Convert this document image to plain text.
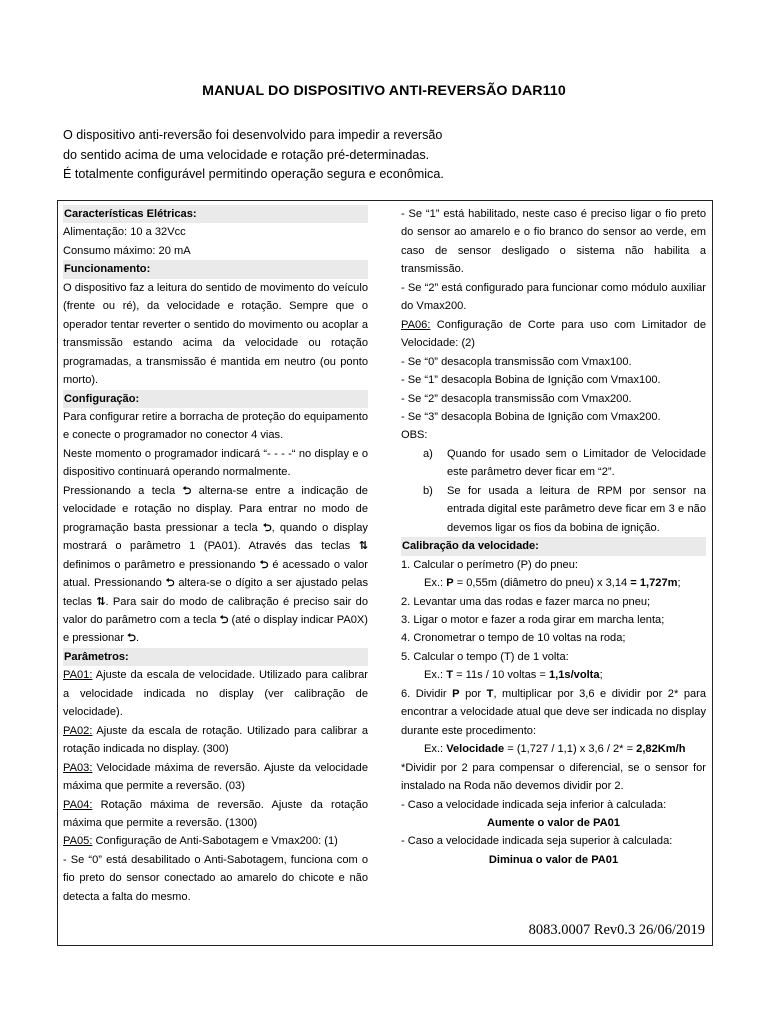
MANUAL DO DISPOSITIVO ANTI-REVERSÃO DAR110
O dispositivo anti-reversão foi desenvolvido para impedir a reversão
do sentido acima de uma velocidade e rotação pré-determinadas.
É totalmente configurável permitindo operação segura e econômica.
Características Elétricas:
Alimentação: 10 a 32Vcc
Consumo máximo: 20 mA
Funcionamento:
O dispositivo faz a leitura do sentido de movimento do veículo (frente ou ré), da velocidade e rotação. Sempre que o operador tentar reverter o sentido do movimento ou acoplar a transmissão estando acima da velocidade ou rotação programadas, a transmissão é mantida em neutro (ou ponto morto).
Configuração:
Para configurar retire a borracha de proteção do equipamento e conecte o programador no conector 4 vias.
Neste momento o programador indicará “- - - -“ no display e o dispositivo continuará operando normalmente.
Pressionando a tecla ⮌ alterna-se entre a indicação de velocidade e rotação no display. Para entrar no modo de programação basta pressionar a tecla ⮌, quando o display mostrará o parâmetro 1 (PA01). Através das teclas ⇅ definimos o parâmetro e pressionando ⮌ é acessado o valor atual. Pressionando ⮌ altera-se o dígito a ser ajustado pelas teclas ⇅. Para sair do modo de calibração é preciso sair do valor do parâmetro com a tecla ⮌ (até o display indicar PA0X) e pressionar ⮌.
Parâmetros:
PA01: Ajuste da escala de velocidade. Utilizado para calibrar a velocidade indicada no display (ver calibração de velocidade).
PA02: Ajuste da escala de rotação. Utilizado para calibrar a rotação indicada no display. (300)
PA03: Velocidade máxima de reversão. Ajuste da velocidade máxima que permite a reversão. (03)
PA04: Rotação máxima de reversão. Ajuste da rotação máxima que permite a reversão. (1300)
PA05: Configuração de Anti-Sabotagem e Vmax200: (1)
- Se “0” está desabilitado o Anti-Sabotagem, funciona com o fio preto do sensor conectado ao amarelo do chicote e não detecta a falta do mesmo.
- Se “1” está habilitado, neste caso é preciso ligar o fio preto do sensor ao amarelo e o fio branco do sensor ao verde, em caso de sensor desligado o sistema não habilita a transmissão.
- Se “2” está configurado para funcionar como módulo auxiliar do Vmax200.
PA06: Configuração de Corte para uso com Limitador de Velocidade: (2)
- Se “0” desacopla transmissão com Vmax100.
- Se “1” desacopla Bobina de Ignição com Vmax100.
- Se “2” desacopla transmissão com Vmax200.
- Se “3” desacopla Bobina de Ignição com Vmax200.
OBS:
a)	Quando for usado sem o Limitador de Velocidade este parâmetro dever ficar em “2”.
b)	Se for usada a leitura de RPM por sensor na entrada digital este parâmetro deve ficar em 3 e não devemos ligar os fios da bobina de ignição.
Calibração da velocidade:
1. Calcular o perímetro (P) do pneu:
Ex.: P = 0,55m (diâmetro do pneu) x 3,14 = 1,727m;
2. Levantar uma das rodas e fazer marca no pneu;
3. Ligar o motor e fazer a roda girar em marcha lenta;
4. Cronometrar o tempo de 10 voltas na roda;
5. Calcular o tempo (T) de 1 volta:
Ex.: T = 11s / 10 voltas = 1,1s/volta;
6. Dividir P por T, multiplicar por 3,6 e dividir por 2* para encontrar a velocidade atual que deve ser indicada no display durante este procedimento:
Ex.: Velocidade = (1,727 / 1,1) x 3,6 / 2* = 2,82Km/h
*Dividir por 2 para compensar o diferencial, se o sensor for instalado na Roda não devemos dividir por 2.
- Caso a velocidade indicada seja inferior à calculada:
Aumente o valor de PA01
- Caso a velocidade indicada seja superior à calculada:
Diminua o valor de PA01
8083.0007 Rev0.3 26/06/2019
